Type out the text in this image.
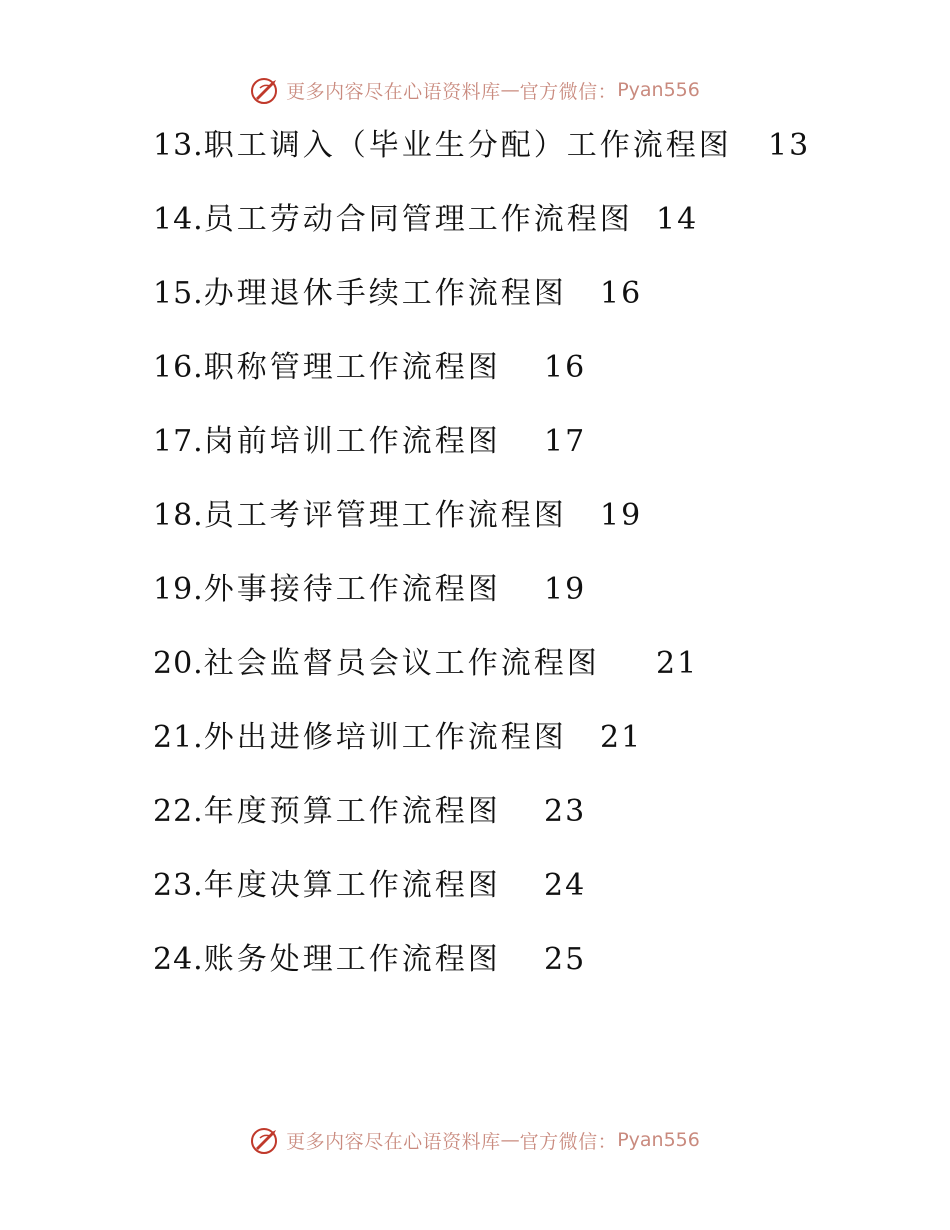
更多内容尽在心语资料库 — 官方微信： Pyan556
13.职工调入（毕业生分配）工作流程图 13
14.员工劳动合同管理工作流程图 14
15.办理退休手续工作流程图 16
16.职称管理工作流程图 16
17.岗前培训工作流程图 17
18.员工考评管理工作流程图 19
19.外事接待工作流程图 19
20.社会监督员会议工作流程图 21
21.外出进修培训工作流程图 21
22.年度预算工作流程图 23
23.年度决算工作流程图 24
24.账务处理工作流程图 25
更多内容尽在心语资料库 — 官方微信： Pyan556
